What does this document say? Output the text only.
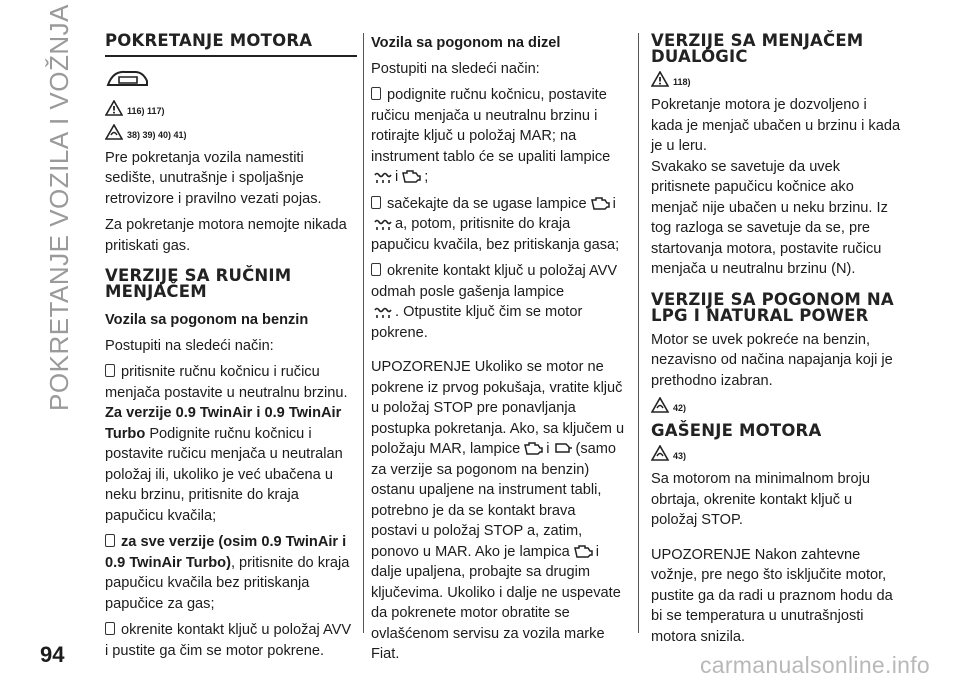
POKRETANJE VOZILA I VOŽNJA POKRETANJE MOTORA
116) 117)
38) 39) 40) 41)

Pre pokretanja vozila namestiti sedište, unutrašnje i spoljašnje retrovizore i pravilno vezati pojas.

Za pokretanje motora nemojte nikada pritiskati gas.

VERZIJE SA RUČNIM MENJAČEM
Vozila sa pogonom na benzin

Postupiti na sledeći način:

pritisnite ručnu kočnicu i ručicu menjača postavite u neutralnu brzinu.
Za verzije 0.9 TwinAir i 0.9 TwinAir Turbo Podignite ručnu kočnicu i postavite ručicu menjača u neutralan položaj ili, ukoliko je već ubačena u neku brzinu, pritisnite do kraja papučicu kvačila;

za sve verzije (osim 0.9 TwinAir i 0.9 TwinAir Turbo), pritisnite do kraja papučicu kvačila bez pritiskanja papučice za gas;

okrenite kontakt ključ u položaj AVV i pustite ga čim se motor pokrene.

Vozila sa pogonom na dizel

Postupiti na sledeći način:

podignite ručnu kočnicu, postavite ručicu menjača u neutralnu brzinu i rotirajte ključ u položaj MAR; na instrument tablo će se upaliti lampice
i ;

sačekajte da se ugase lampice i
a, potom, pritisnite do kraja papučicu kvačila, bez pritiskanja gasa;

okrenite kontakt ključ u položaj AVV odmah posle gašenja lampice
. Otpustite ključ čim se motor pokrene.

UPOZORENJE Ukoliko se motor ne pokrene iz prvog pokušaja, vratite ključ u položaj STOP pre ponavljanja postupka pokretanja. Ako, sa ključem u položaju MAR, lampice i (samo za verzije sa pogonom na benzin) ostanu upaljene na instrument tabli, potrebno je da se kontakt brava postavi u položaj STOP a, zatim, ponovo u MAR. Ako je lampica i dalje upaljena, probajte sa drugim ključevima. Ukoliko i dalje ne uspevate da pokrenete motor obratite se ovlašćenom servisu za vozila marke Fiat.

VERZIJE SA MENJAČEM DUALOGIC
118)

Pokretanje motora je dozvoljeno i kada je menjač ubačen u brzinu i kada je u leru.

Svakako se savetuje da uvek pritisnete papučicu kočnice ako menjač nije ubačen u neku brzinu. Iz tog razloga se savetuje da se, pre startovanja motora, postavite ručicu menjača u neutralnu brzinu (N).

VERZIJE SA POGONOM NA LPG I NATURAL POWER

Motor se uvek pokreće na benzin, nezavisno od načina napajanja koji je prethodno izabran.

42)
GAŠENJE MOTORA
43)

Sa motorom na minimalnom broju obrtaja, okrenite kontakt ključ u položaj STOP.

UPOZORENJE Nakon zahtevne vožnje, pre nego što isključite motor, pustite ga da radi u praznom hodu da bi se temperatura u unutrašnjosti motora snizila.

94	carmanualsonline.info
